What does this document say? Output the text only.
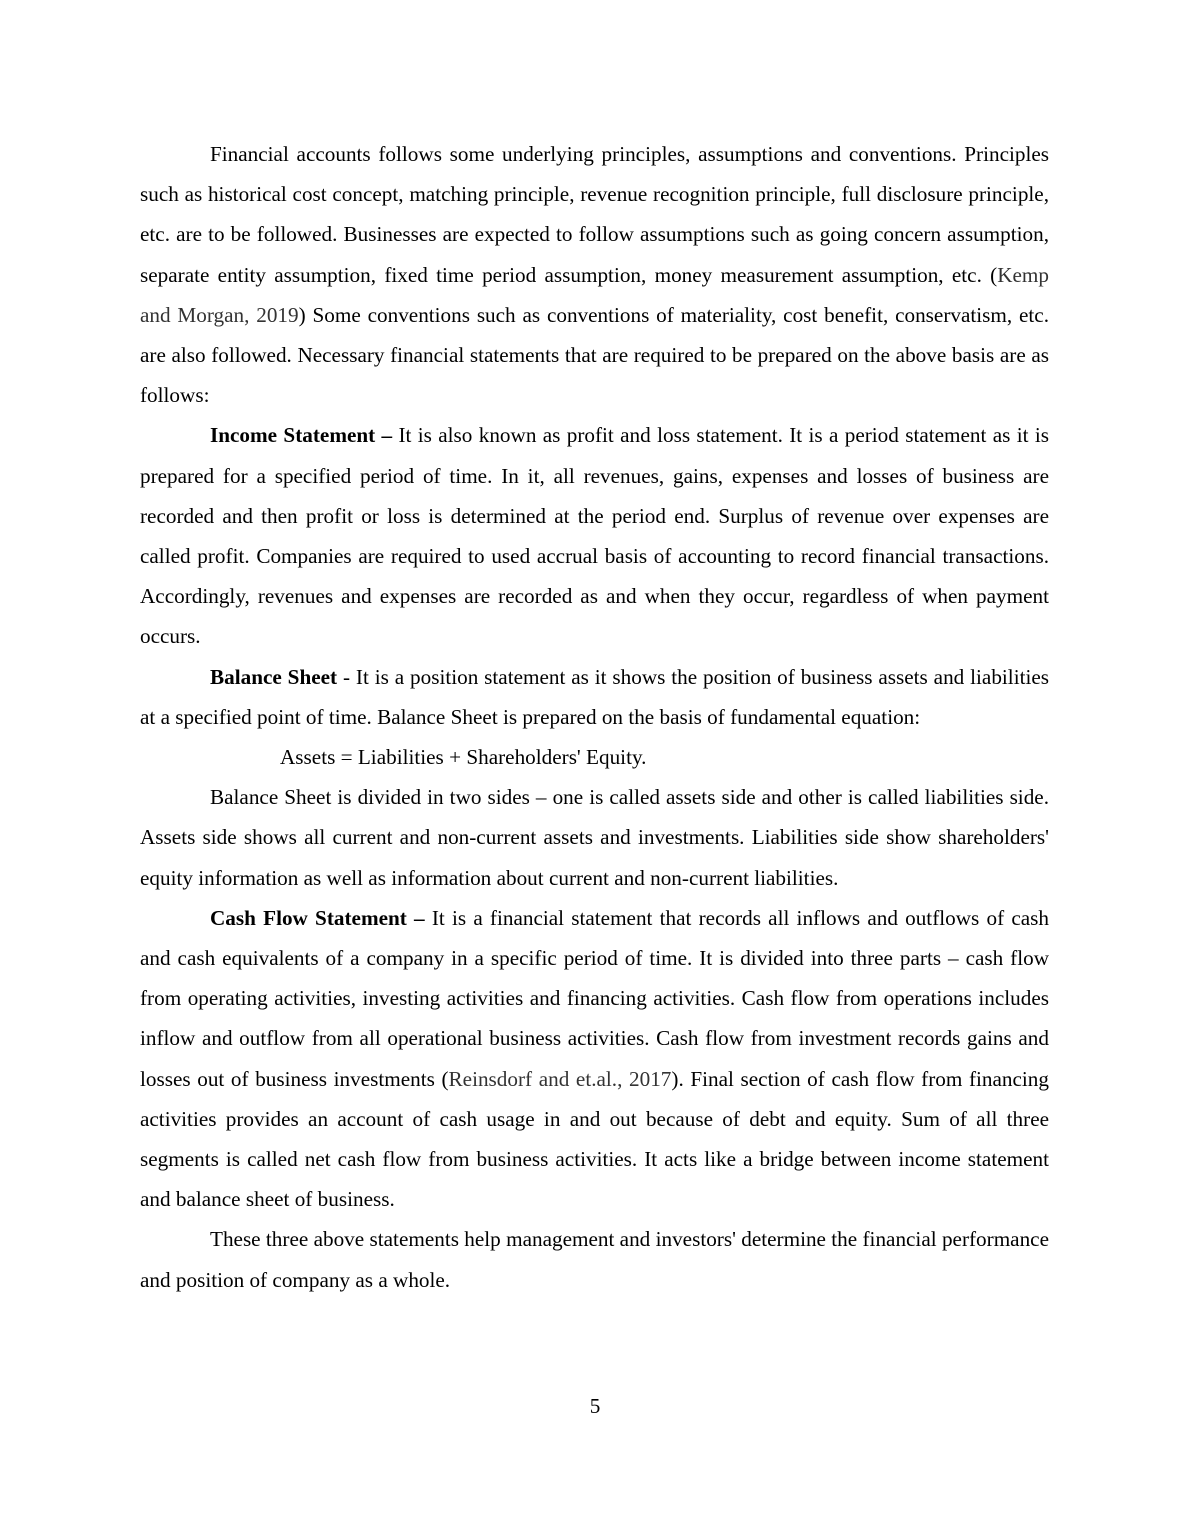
Financial accounts follows some underlying principles, assumptions and conventions. Principles such as historical cost concept, matching principle, revenue recognition principle, full disclosure principle, etc. are to be followed. Businesses are expected to follow assumptions such as going concern assumption, separate entity assumption, fixed time period assumption, money measurement assumption, etc. (Kemp and Morgan, 2019) Some conventions such as conventions of materiality, cost benefit, conservatism, etc. are also followed. Necessary financial statements that are required to be prepared on the above basis are as follows:

Income Statement – It is also known as profit and loss statement. It is a period statement as it is prepared for a specified period of time. In it, all revenues, gains, expenses and losses of business are recorded and then profit or loss is determined at the period end. Surplus of revenue over expenses are called profit. Companies are required to used accrual basis of accounting to record financial transactions. Accordingly, revenues and expenses are recorded as and when they occur, regardless of when payment occurs.

Balance Sheet - It is a position statement as it shows the position of business assets and liabilities at a specified point of time. Balance Sheet is prepared on the basis of fundamental equation:

Assets = Liabilities + Shareholders' Equity.

Balance Sheet is divided in two sides – one is called assets side and other is called liabilities side. Assets side shows all current and non-current assets and investments. Liabilities side show shareholders' equity information as well as information about current and non-current liabilities.

Cash Flow Statement – It is a financial statement that records all inflows and outflows of cash and cash equivalents of a company in a specific period of time. It is divided into three parts – cash flow from operating activities, investing activities and financing activities. Cash flow from operations includes inflow and outflow from all operational business activities. Cash flow from investment records gains and losses out of business investments (Reinsdorf and et.al., 2017). Final section of cash flow from financing activities provides an account of cash usage in and out because of debt and equity. Sum of all three segments is called net cash flow from business activities. It acts like a bridge between income statement and balance sheet of business.

These three above statements help management and investors' determine the financial performance and position of company as a whole.

5
